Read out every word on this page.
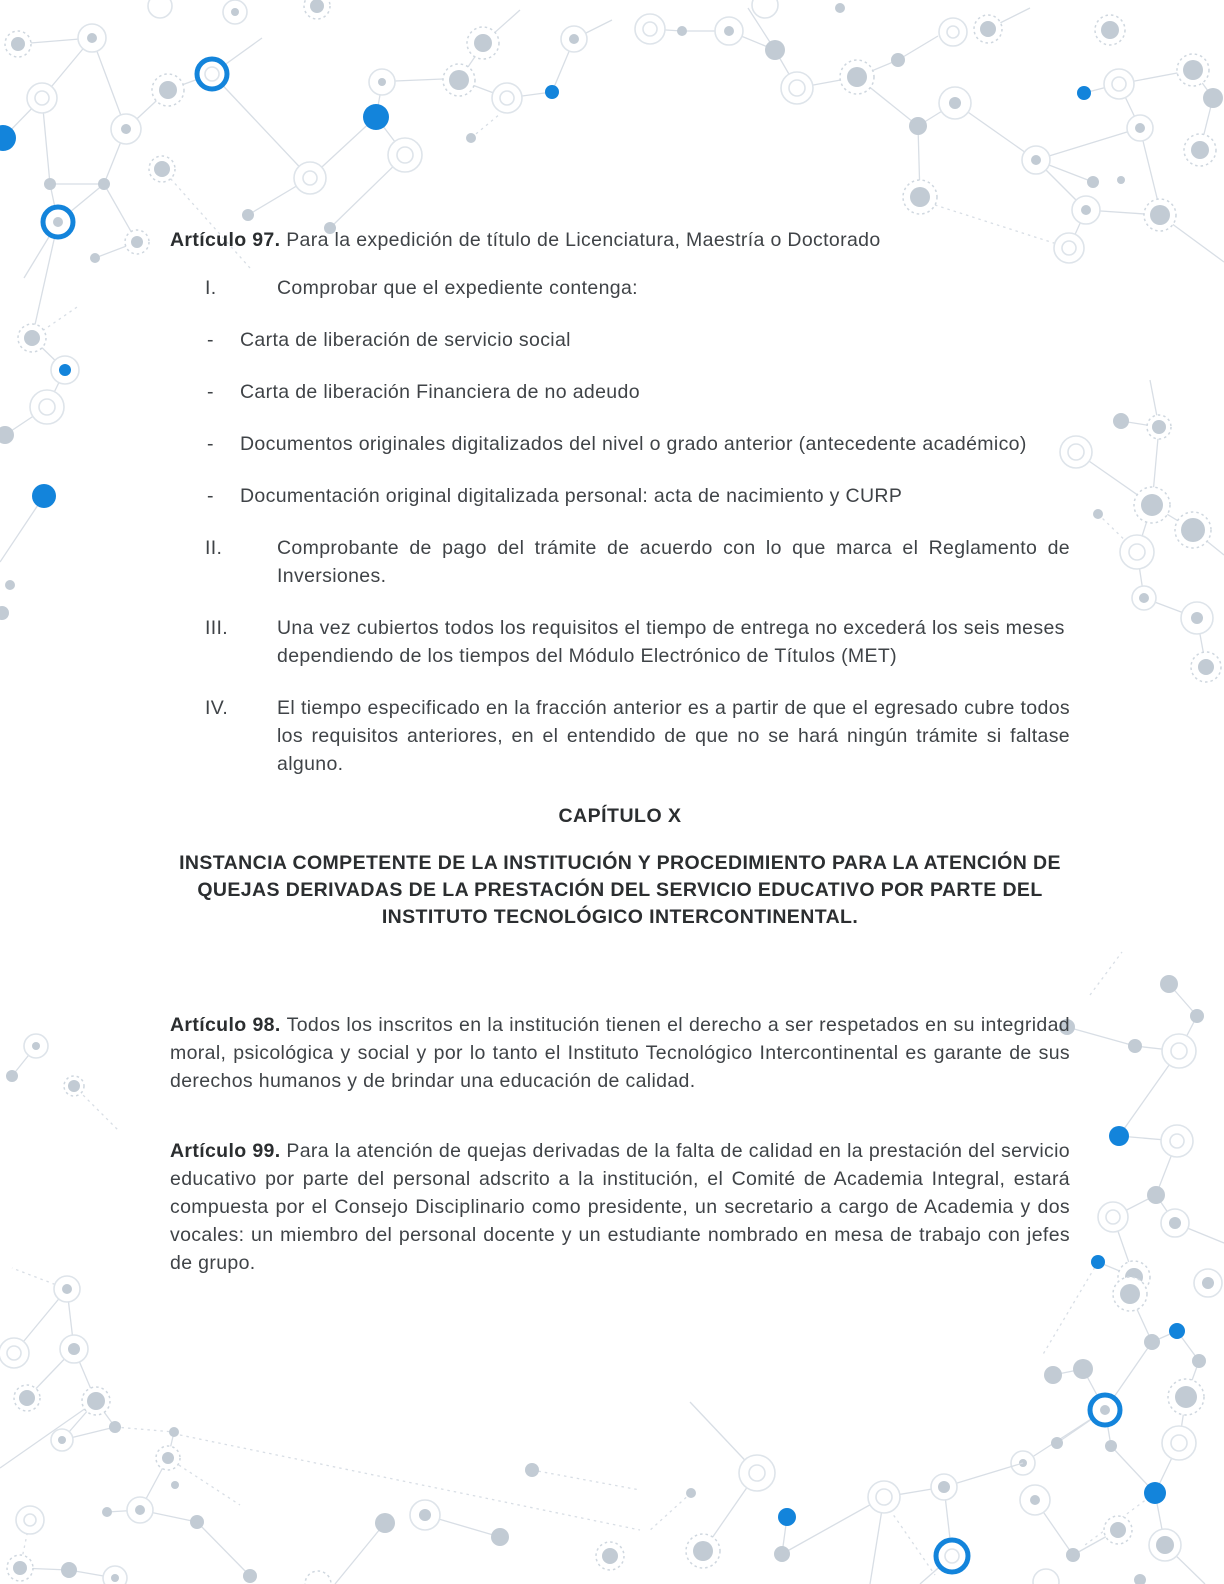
Artículo 97. Para la expedición de título de Licenciatura, Maestría o Doctorado

I.	Comprobar que el expediente contenga:
-	Carta de liberación de servicio social
-	Carta de liberación Financiera de no adeudo
-	Documentos originales digitalizados del nivel o grado anterior (antecedente académico)
-	Documentación original digitalizada personal: acta de nacimiento y CURP
II.	Comprobante de pago del trámite de acuerdo con lo que marca el Reglamento de Inversiones.
III.	Una vez cubiertos todos los requisitos el tiempo de entrega no excederá los seis meses dependiendo de los tiempos del Módulo Electrónico de Títulos (MET)
IV.	El tiempo especificado en la fracción anterior es a partir de que el egresado cubre todos los requisitos anteriores, en el entendido de que no se hará ningún trámite si faltase alguno.
CAPÍTULO X
INSTANCIA COMPETENTE DE LA INSTITUCIÓN Y PROCEDIMIENTO PARA LA ATENCIÓN DE QUEJAS DERIVADAS DE LA PRESTACIÓN DEL SERVICIO EDUCATIVO POR PARTE DEL INSTITUTO TECNOLÓGICO INTERCONTINENTAL.

Artículo 98. Todos los inscritos en la institución tienen el derecho a ser respetados en su integridad moral, psicológica y social y por lo tanto el Instituto Tecnológico Intercontinental es garante de sus derechos humanos y de brindar una educación de calidad.

Artículo 99. Para la atención de quejas derivadas de la falta de calidad en la prestación del servicio educativo por parte del personal adscrito a la institución, el Comité de Academia Integral, estará compuesta por el Consejo Disciplinario como presidente, un secretario a cargo de Academia y dos vocales: un miembro del personal docente y un estudiante nombrado en mesa de trabajo con jefes de grupo.
